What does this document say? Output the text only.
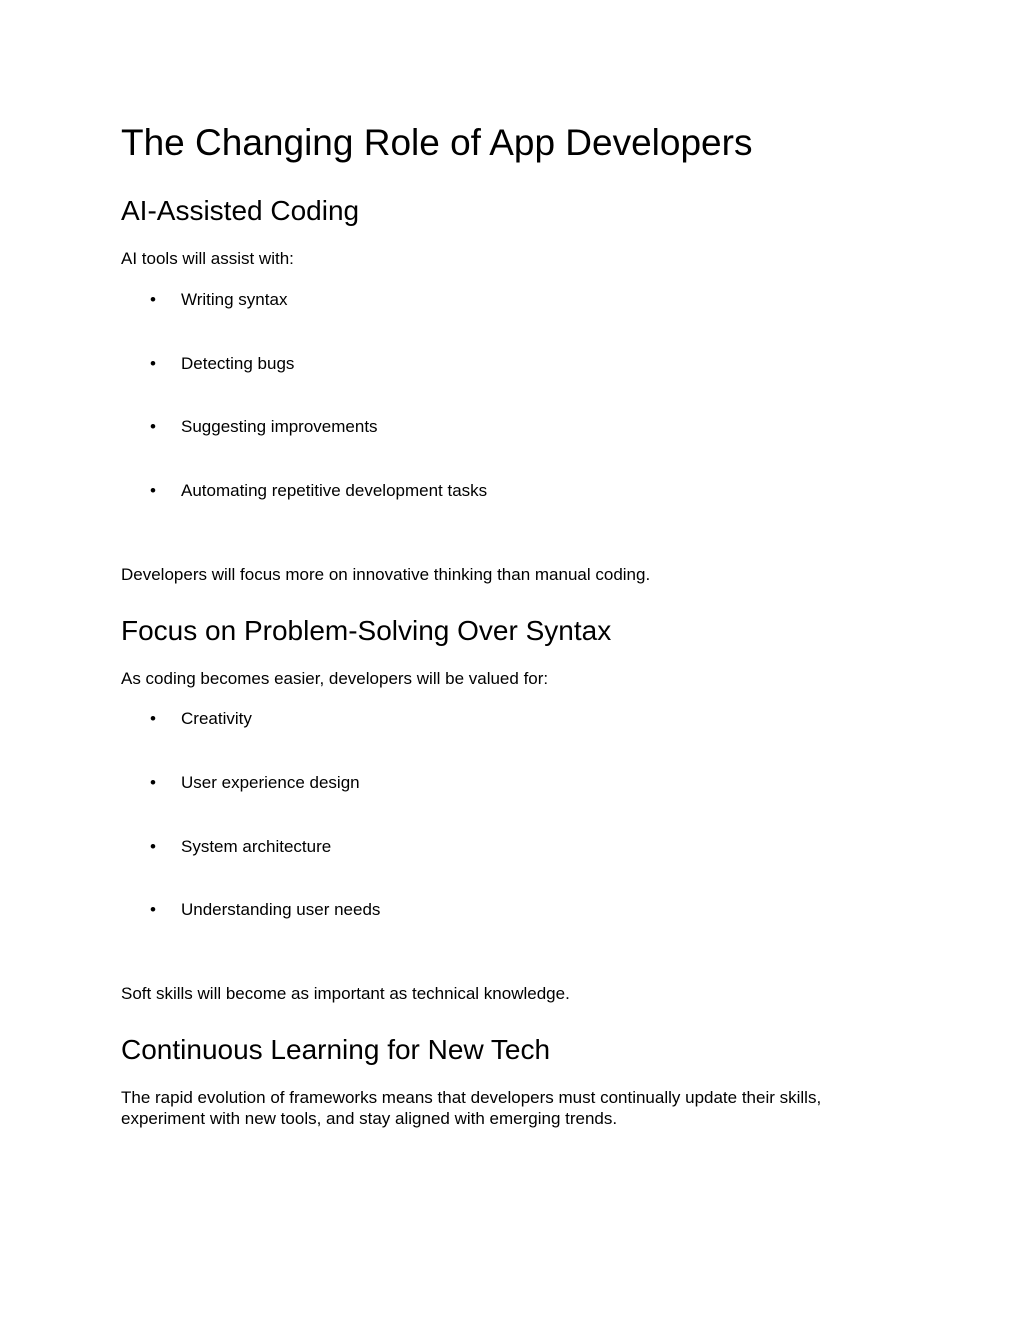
The Changing Role of App Developers
AI-Assisted Coding

AI tools will assist with:

• Writing syntax
• Detecting bugs
• Suggesting improvements
• Automating repetitive development tasks

Developers will focus more on innovative thinking than manual coding.

Focus on Problem-Solving Over Syntax

As coding becomes easier, developers will be valued for:

• Creativity
• User experience design
• System architecture
• Understanding user needs

Soft skills will become as important as technical knowledge.

Continuous Learning for New Tech

The rapid evolution of frameworks means that developers must continually update their skills,

experiment with new tools, and stay aligned with emerging trends.
